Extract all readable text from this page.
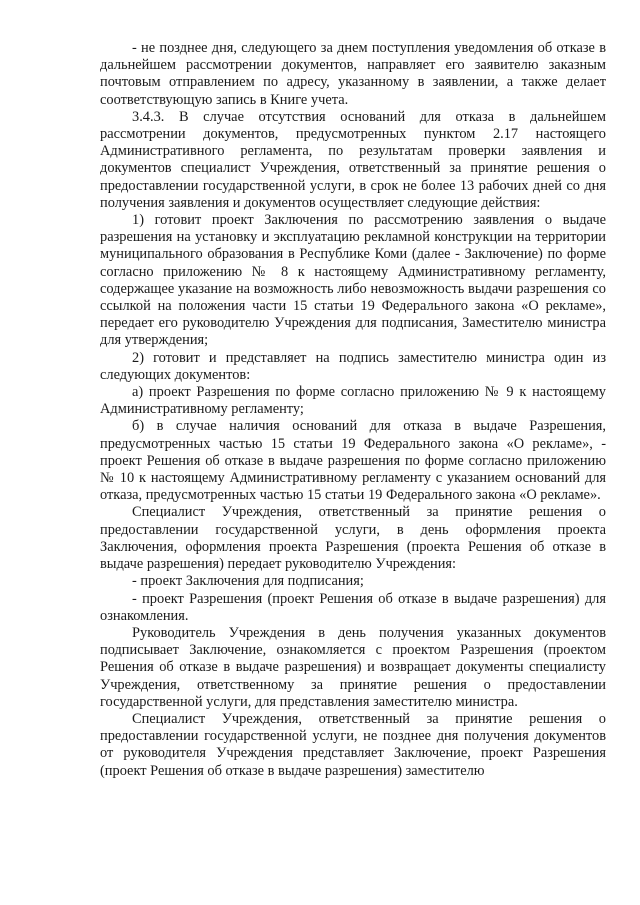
- не позднее дня, следующего за днем поступления уведомления об отказе в дальнейшем рассмотрении документов, направляет его заявителю заказным почтовым отправлением по адресу, указанному в заявлении, а также делает соответствующую запись в Книге учета.

3.4.3. В случае отсутствия оснований для отказа в дальнейшем рассмотрении документов, предусмотренных пунктом 2.17 настоящего Административного регламента, по результатам проверки заявления и документов специалист Учреждения, ответственный за принятие решения о предоставлении государственной услуги, в срок не более 13 рабочих дней со дня получения заявления и документов осуществляет следующие действия:

1) готовит проект Заключения по рассмотрению заявления о выдаче разрешения на установку и эксплуатацию рекламной конструкции на территории муниципального образования в Республике Коми (далее - Заключение) по форме согласно приложению № 8 к настоящему Административному регламенту, содержащее указание на возможность либо невозможность выдачи разрешения со ссылкой на положения части 15 статьи 19 Федерального закона «О рекламе», передает его руководителю Учреждения для подписания, Заместителю министра для утверждения;

2) готовит и представляет на подпись заместителю министра один из следующих документов:

а) проект Разрешения по форме согласно приложению № 9 к настоящему Административному регламенту;

б) в случае наличия оснований для отказа в выдаче Разрешения, предусмотренных частью 15 статьи 19 Федерального закона «О рекламе», - проект Решения об отказе в выдаче разрешения по форме согласно приложению № 10 к настоящему Административному регламенту с указанием оснований для отказа, предусмотренных частью 15 статьи 19 Федерального закона «О рекламе».

Специалист Учреждения, ответственный за принятие решения о предоставлении государственной услуги, в день оформления проекта Заключения, оформления проекта Разрешения (проекта Решения об отказе в выдаче разрешения) передает руководителю Учреждения:

- проект Заключения для подписания;

- проект Разрешения (проект Решения об отказе в выдаче разрешения) для ознакомления.

Руководитель Учреждения в день получения указанных документов подписывает Заключение, ознакомляется с проектом Разрешения (проектом Решения об отказе в выдаче разрешения) и возвращает документы специалисту Учреждения, ответственному за принятие решения о предоставлении государственной услуги, для представления заместителю министра.

Специалист Учреждения, ответственный за принятие решения о предоставлении государственной услуги, не позднее дня получения документов от руководителя Учреждения представляет Заключение, проект Разрешения (проект Решения об отказе в выдаче разрешения) заместителю
